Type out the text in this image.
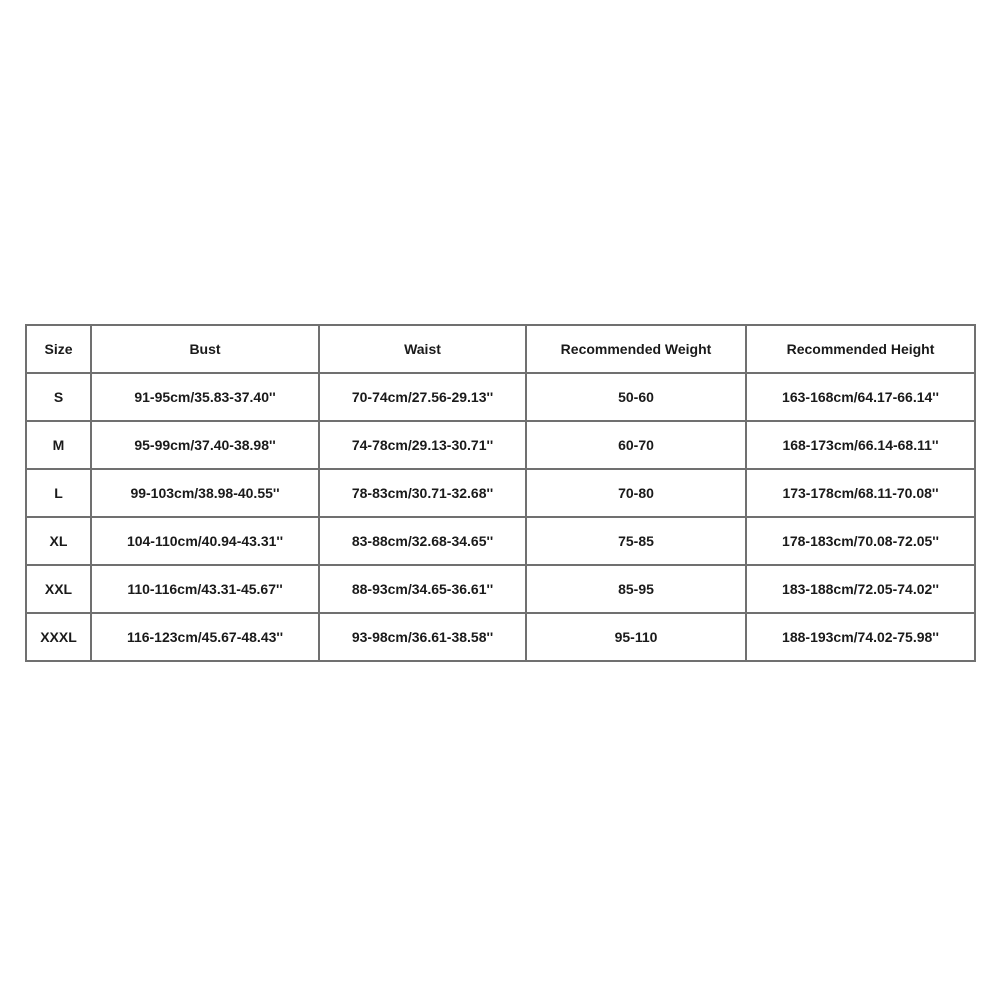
Size	Bust	Waist	Recommended Weight	Recommended Height
S	91-95cm/35.83-37.40''	70-74cm/27.56-29.13''	50-60	163-168cm/64.17-66.14''
M	95-99cm/37.40-38.98''	74-78cm/29.13-30.71''	60-70	168-173cm/66.14-68.11''
L	99-103cm/38.98-40.55''	78-83cm/30.71-32.68''	70-80	173-178cm/68.11-70.08''
XL	104-110cm/40.94-43.31''	83-88cm/32.68-34.65''	75-85	178-183cm/70.08-72.05''
XXL	110-116cm/43.31-45.67''	88-93cm/34.65-36.61''	85-95	183-188cm/72.05-74.02''
XXXL	116-123cm/45.67-48.43''	93-98cm/36.61-38.58''	95-110	188-193cm/74.02-75.98''
